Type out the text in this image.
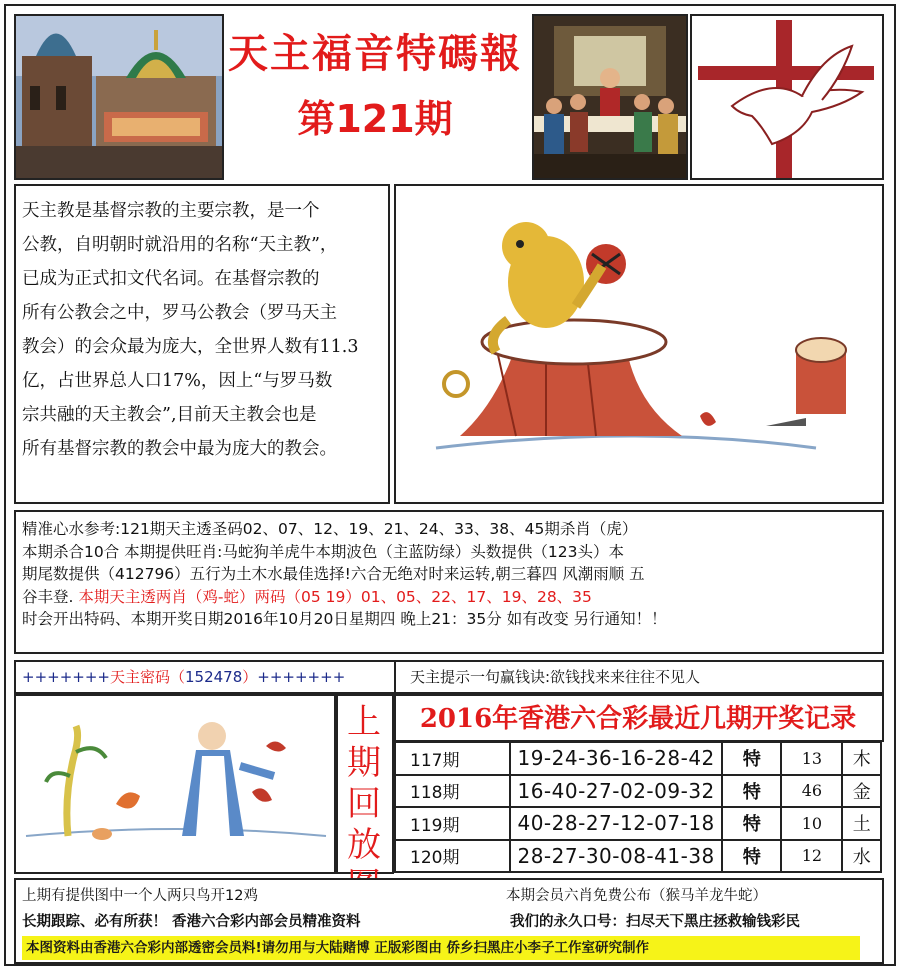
天主福音特碼報
第121期

天主教是基督宗教的主要宗教，是一个

公教，自明朝时就沿用的名称“天主教”，

已成为正式扣文代名词。在基督宗教的

所有公教会之中，罗马公教会（罗马天主

教会）的会众最为庞大，全世界人数有11.3

亿，占世界总人口17%，因上“与罗马数

宗共融的天主教会”,目前天主教会也是

所有基督宗教的教会中最为庞大的教会。

精准心水参考:121期天主透圣码02、07、12、19、21、24、33、38、45期杀肖（虎）
本期杀合10合 本期提供旺肖:马蛇狗羊虎牛本期波色（主蓝防绿）头数提供（123头）本
期尾数提供（412796）五行为土木水最佳选择!六合无绝对时来运转,朝三暮四 风潮雨顺 五
谷丰登. 本期天主透两肖（鸡-蛇）两码（05 19）01、05、22、17、19、28、35
时会开出特码、本期开奖日期2016年10月20日星期四 晚上21：35分 如有改变 另行通知！！
+++++++天主密码（152478）+++++++	天主提示一句赢钱诀:欲钱找来来往往不见人
上
期
回
放
2016年香港六合彩最近几期开奖记录
117期	19-24-36-16-28-42	特	13	木
118期	16-40-27-02-09-32	特	46	金
119期	40-28-27-12-07-18	特	10	土
120期	28-27-30-08-41-38	特	12	水
上期有提供图中一个人两只鸟开12鸡	本期会员六肖免费公布（猴马羊龙牛蛇）
长期跟踪、必有所获！ 香港六合彩内部会员精准资料	我们的永久口号：扫尽天下黑庄拯救输钱彩民
本图资料由香港六合彩内部透密会员料!请勿用与大陆赌博 正版彩图由 侨乡扫黑庄小李子工作室研究制作
